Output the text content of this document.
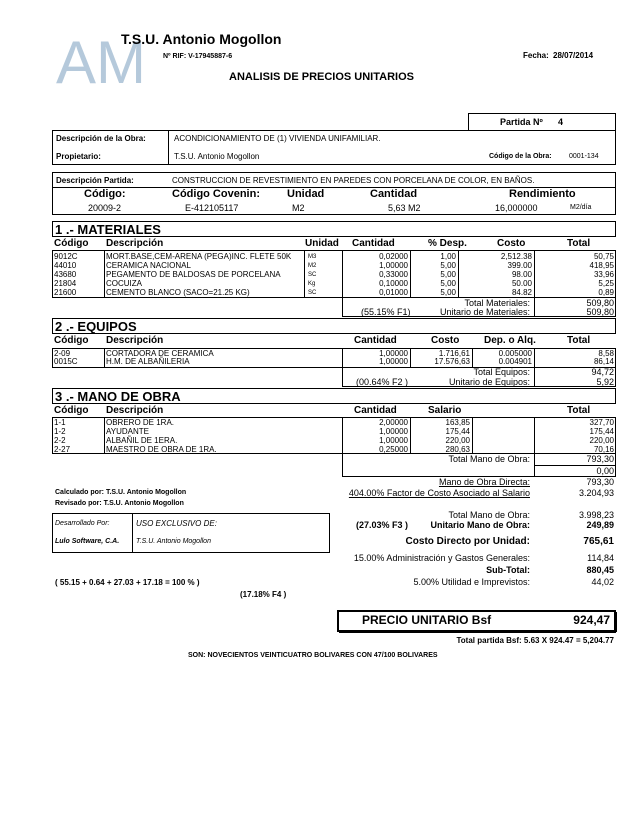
AM
T.S.U. Antonio Mogollon
Nº RIF: V-17945887-6	Fecha: 28/07/2014
ANALISIS DE PRECIOS UNITARIOS
Partida Nº 4
Descripción de la Obra:	ACONDICIONAMIENTO DE (1) VIVIENDA UNIFAMILIAR.
Propietario:	T.S.U. Antonio Mogollon	Código de la Obra: 0001-134
Descripción Partida:	CONSTRUCCION DE REVESTIMIENTO EN PAREDES CON PORCELANA DE COLOR, EN BAÑOS.
Código:	Código Covenin: Unidad	Cantidad	Rendimiento
20009-2	E-412105117	M2	5,63 M2	16,000000	M2/día
1 .- MATERIALES
Código Descripción	Unidad Cantidad	% Desp.	Costo	Total
9012C	MORT.BASE,CEM-ARENA (PEGA)INC. FLETE 50K	M3	0,02000	1,00	2,512.38	50,75
44010	CERAMICA NACIONAL	M2	1,00000	5,00	399.00	418,95
43680	PEGAMENTO DE BALDOSAS DE PORCELANA	SC	0,33000	5,00	98.00	33,96
21804	COCUIZA	Kg	0,10000	5,00	50.00	5,25
21600	CEMENTO BLANCO (SACO=21.25 KG)	SC	0,01000	5,00	84.82	0,89
Total Materiales:	509,80
(55.15% F1)	Unitario de Materiales:	509,80
2 .- EQUIPOS
Código Descripción	Cantidad	Costo Dep. o Alq.	Total
2-09	CORTADORA DE CERAMICA	1,00000	1.716,61	0.005000	8,58
0015C	H.M. DE ALBAÑILERIA	1,00000	17.576,63	0.004901	86,14
Total Equipos:	94,72
(00.64% F2 )	Unitario de Equipos:	5,92
3 .- MANO DE OBRA
Código Descripción	Cantidad	Salario	Total
1-1	OBRERO DE 1RA.	2,00000	163,85	327,70
1-2	AYUDANTE	1,00000	175,44	175,44
2-2	ALBAÑIL DE 1ERA.	1,00000	220,00	220,00
2-27	MAESTRO DE OBRA DE 1RA.	0,25000	280,63	70,16
Total Mano de Obra:	793,30
0,00
Mano de Obra Directa:	793,30
404.00% Factor de Costo Asociado al Salario	3.204,93
Calculado por: T.S.U. Antonio Mogollon
Revisado por: T.S.U. Antonio Mogollon
Total Mano de Obra:	3.998,23
(27.03% F3 )	Unitario Mano de Obra:	249,89
Desarrollado Por:	USO EXCLUSIVO DE:
Lulo Software, C.A. T.S.U. Antonio Mogollon	Costo Directo por Unidad:	765,61
15.00% Administración y Gastos Generales:	114,84
Sub-Total:	880,45
( 55.15 + 0.64 + 27.03 + 17.18 = 100 % )	5.00% Utilidad e Imprevistos:	44,02
(17.18% F4 )
PRECIO UNITARIO Bsf	924,47
Total partida Bsf: 5.63 X 924.47 = 5,204.77
SON: NOVECIENTOS VEINTICUATRO BOLIVARES CON 47/100 BOLIVARES
